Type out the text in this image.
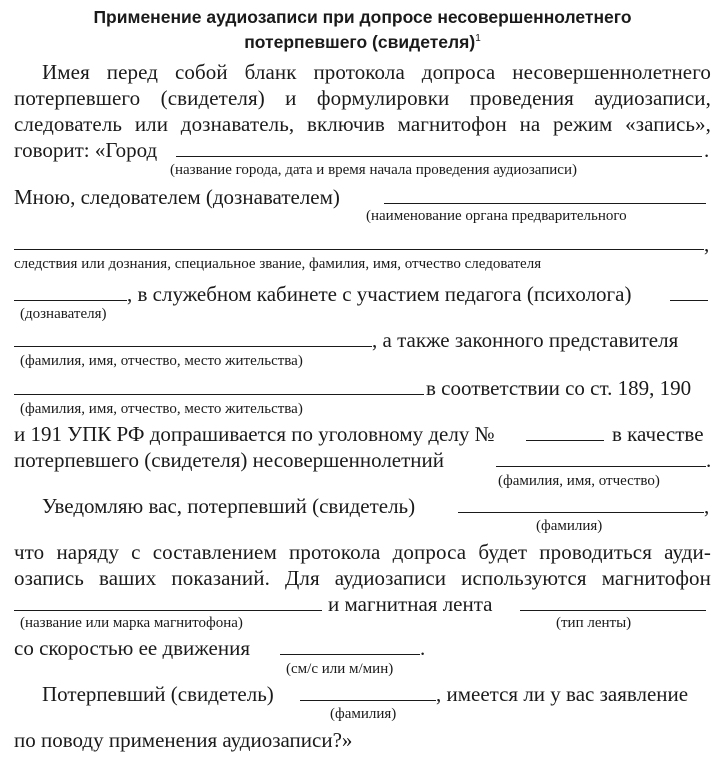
Применение аудиозаписи при допросе несовершеннолетнего
потерпевшего (свидетеля)$^1$
Имея перед собой бланк протокола допроса несовершеннолетнего
потерпевшего (свидетеля) и формулировки проведения аудиозаписи,
следователь или дознаватель, включив магнитофон на режим «запись»,
говорит: «Город	.
(название города, дата и время начала проведения аудиозаписи)
Мною, следователем (дознавателем)
(наименование органа предварительного
,
следствия или дознания, специальное звание, фамилия, имя, отчество следователя
, в служебном кабинете с участием педагога (психолога)
(дознавателя)
, а также законного представителя
(фамилия, имя, отчество, место жительства)
в соответствии со ст. 189, 190
(фамилия, имя, отчество, место жительства)
и 191 УПК РФ допрашивается по уголовному делу №	в качестве
потерпевшего (свидетеля) несовершеннолетний	.
(фамилия, имя, отчество)
Уведомляю вас, потерпевший (свидетель)	,
(фамилия)
что наряду с составлением протокола допроса будет проводиться ауди-
озапись ваших показаний. Для аудиозаписи используются магнитофон
и магнитная лента
(название или марка магнитофона)	(тип ленты)
со скоростью ее движения	.
(см/с или м/мин)
Потерпевший (свидетель)	, имеется ли у вас заявление
(фамилия)
по поводу применения аудиозаписи?»
